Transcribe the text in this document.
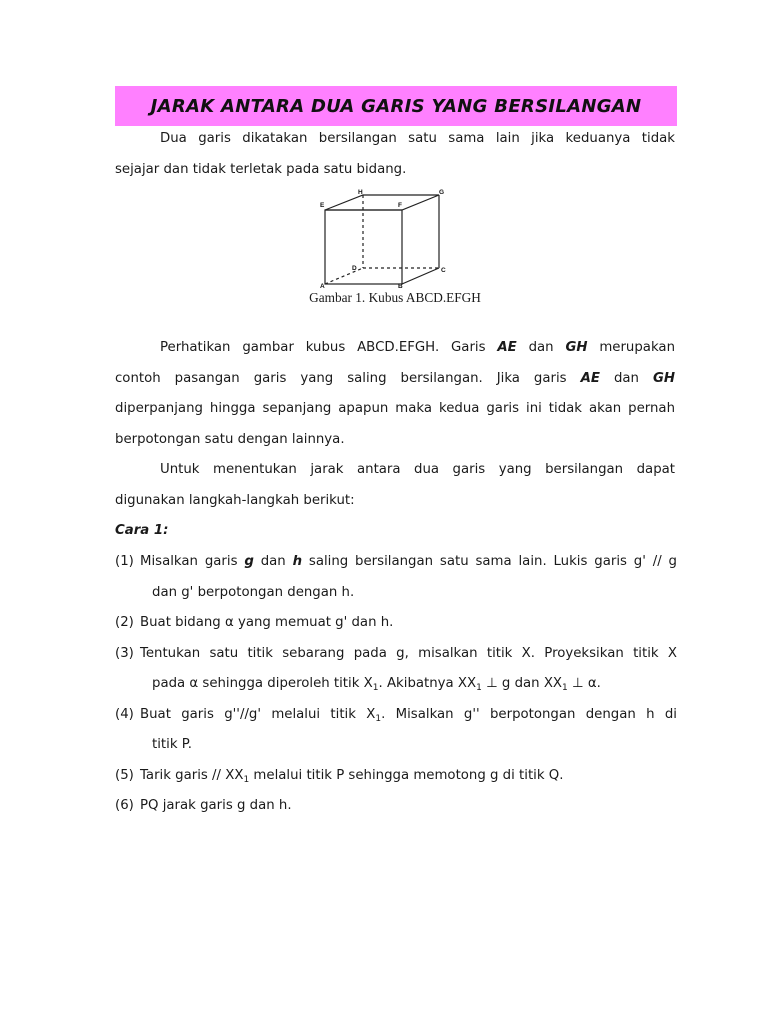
JARAK ANTARA DUA GARIS YANG BERSILANGAN
Dua garis dikatakan bersilangan satu sama lain jika keduanya tidak
sejajar dan tidak terletak pada satu bidang.
A	B
C
D
E	F
G
H
Gambar 1. Kubus ABCD.EFGH
Perhatikan gambar kubus ABCD.EFGH. Garis AE dan GH merupakan
contoh pasangan garis yang saling bersilangan. Jika garis AE dan GH
diperpanjang hingga sepanjang apapun maka kedua garis ini tidak akan pernah
berpotongan satu dengan lainnya.
Untuk menentukan jarak antara dua garis yang bersilangan dapat
digunakan langkah-langkah berikut:
Cara 1:
(1) Misalkan garis g dan h saling bersilangan satu sama lain. Lukis garis g' // g
dan g' berpotongan dengan h.
(2) Buat bidang α yang memuat g' dan h.
(3) Tentukan satu titik sebarang pada g, misalkan titik X. Proyeksikan titik X
pada α sehingga diperoleh titik $X_1$. Akibatnya $XX_1$ ⊥ g dan $XX_1$ ⊥ α.
(4) Buat garis g''//g' melalui titik $X_1$. Misalkan g'' berpotongan dengan h di
titik P.
(5) Tarik garis // $XX_1$ melalui titik P sehingga memotong g di titik Q.
(6) PQ jarak garis g dan h.
